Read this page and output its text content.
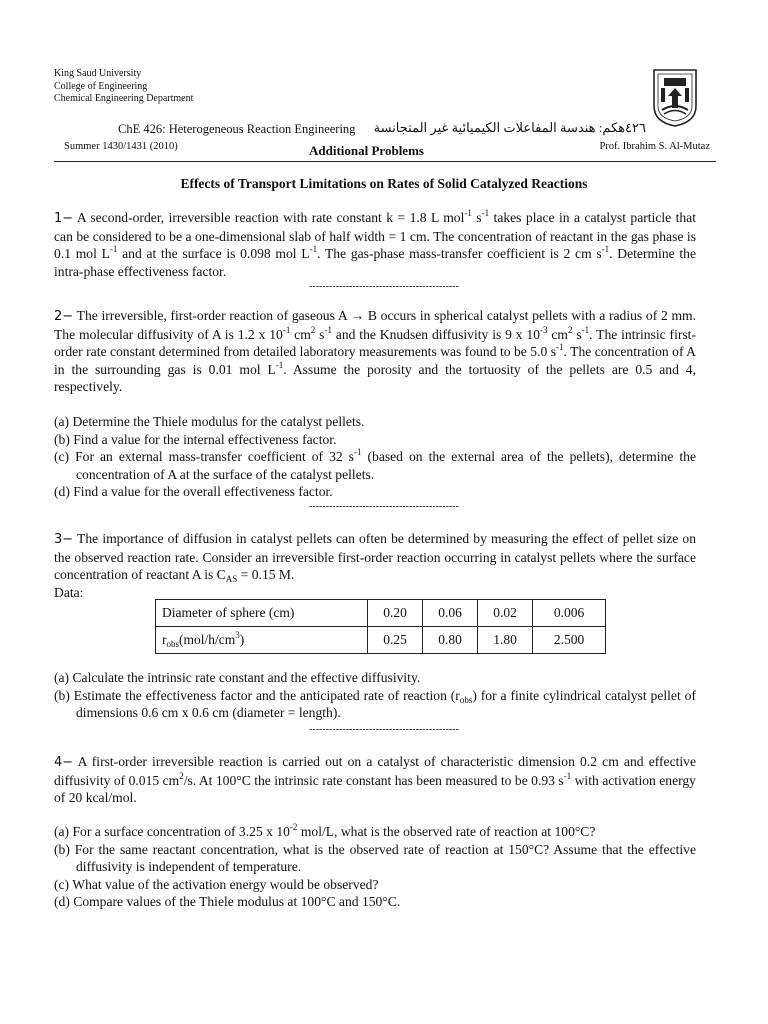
King Saud University
College of Engineering
Chemical Engineering Department
ChE 426: Heterogeneous Reaction Engineering ٤٢٦هكم: هندسة المفاعلات الكيميائية غير المتجانسة
Summer 1430/1431 (2010)	Additional Problems	Prof. Ibrahim S. Al-Mutaz
Effects of Transport Limitations on Rates of Solid Catalyzed Reactions
1− A second-order, irreversible reaction with rate constant k = 1.8 L mol$^{-1}$ $s^{-1}$ takes place in a catalyst particle that can be considered to be a one-dimensional slab of half width = 1 cm. The concentration of reactant in the gas phase is 0.1 mol $L^{-1}$ and at the surface is 0.098 mol $L^{-1}$. The gas-phase mass-transfer coefficient is 2 cm $s^{-1}$. Determine the intra-phase effectiveness factor.
---------------------------------------------
2− The irreversible, first-order reaction of gaseous A → B occurs in spherical catalyst pellets with a radius of 2 mm. The molecular diffusivity of A is 1.2 x $10^{-1}$ $cm^2$ $s^{-1}$ and the Knudsen diffusivity is 9 x $10^{-3}$ $cm^2$ $s^{-1}$. The intrinsic first-order rate constant determined from detailed laboratory measurements was found to be 5.0 $s^{-1}$. The concentration of A in the surrounding gas is 0.01 mol $L^{-1}$. Assume the porosity and the tortuosity of the pellets are 0.5 and 4, respectively.
(a) Determine the Thiele modulus for the catalyst pellets.
(b) Find a value for the internal effectiveness factor.
(c) For an external mass-transfer coefficient of 32 $s^{-1}$ (based on the external area of the pellets), determine the concentration of A at the surface of the catalyst pellets.
(d) Find a value for the overall effectiveness factor.
---------------------------------------------
3− The importance of diffusion in catalyst pellets can often be determined by measuring the effect of pellet size on the observed reaction rate. Consider an irreversible first-order reaction occurring in catalyst pellets where the surface concentration of reactant A is $C_{AS} = 0.15$ M.
Data:
Diameter of sphere (cm)	0.20	0.06	0.02	0.006
$r_{obs}(mol/h/cm^3)$	0.25	0.80	1.80	2.500
(a) Calculate the intrinsic rate constant and the effective diffusivity.
(b) Estimate the effectiveness factor and the anticipated rate of reaction $(r_{obs})$ for a finite cylindrical catalyst pellet of dimensions 0.6 cm x 0.6 cm (diameter = length).
---------------------------------------------
4− A first-order irreversible reaction is carried out on a catalyst of characteristic dimension 0.2 cm and effective diffusivity of 0.015 $cm^2/s$. At 100°C the intrinsic rate constant has been measured to be 0.93 $s^{-1}$ with activation energy of 20 kcal/mol.
(a) For a surface concentration of 3.25 x $10^{-2}$ mol/L, what is the observed rate of reaction at 100°C?
(b) For the same reactant concentration, what is the observed rate of reaction at 150°C? Assume that the effective diffusivity is independent of temperature.
(c) What value of the activation energy would be observed?
(d) Compare values of the Thiele modulus at 100°C and 150°C.
